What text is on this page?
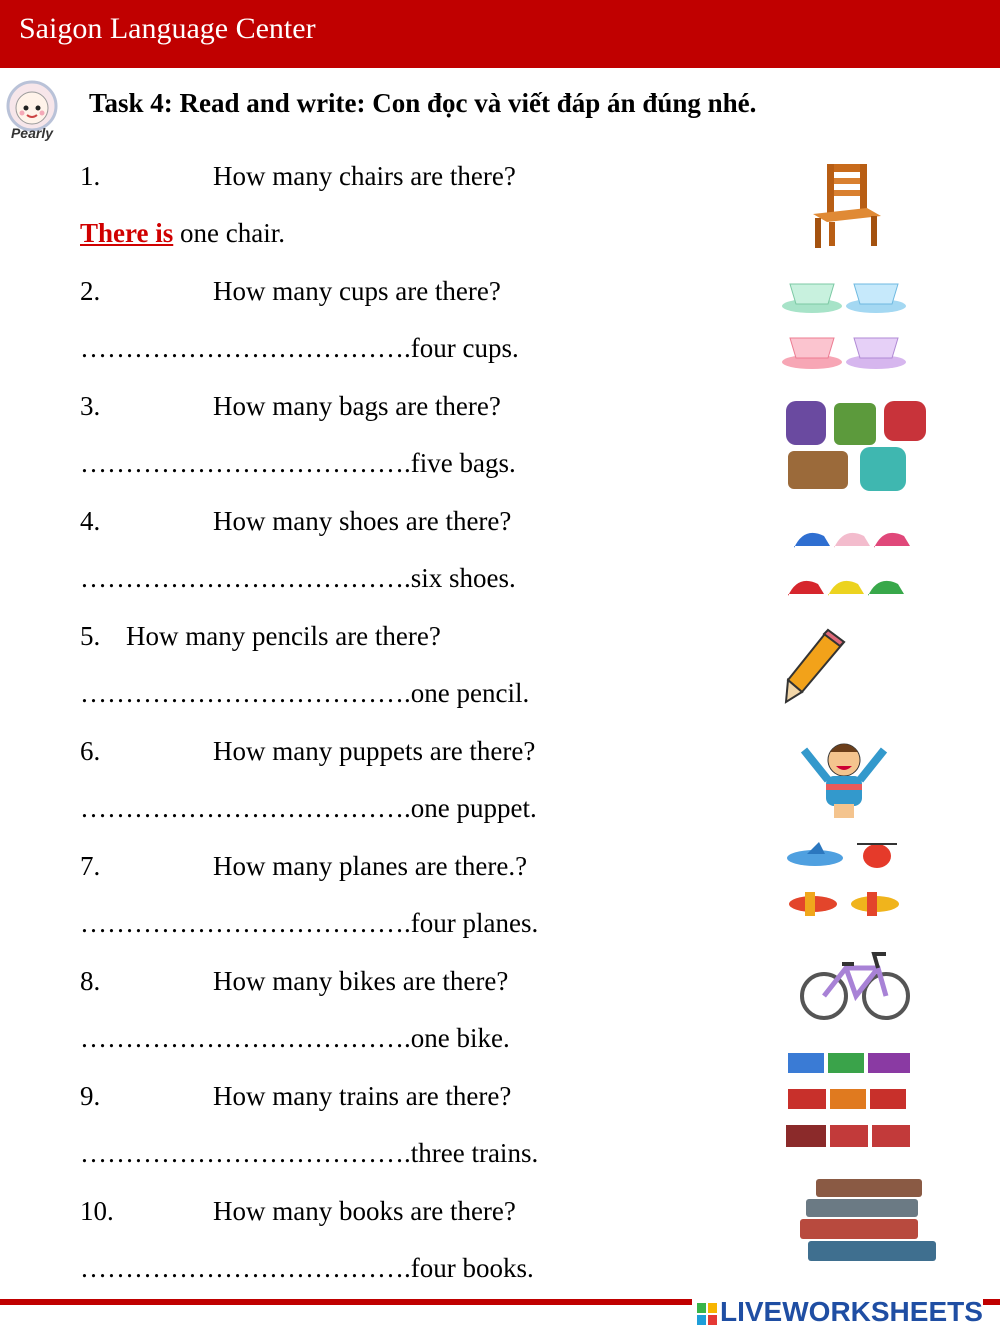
Saigon Language Center
Pearly
Task 4: Read and write: Con đọc và viết đáp án đúng nhé.
1.	How many chairs are there?
There is one chair.
2.	How many cups are there?
……………………………….four cups.
3.	How many bags are there?
……………………………….five bags.
4.	How many shoes are there?
……………………………….six shoes.
5. How many pencils are there?
……………………………….one pencil.
6.	How many puppets are there?
……………………………….one puppet.
7.	How many planes are there.?
……………………………….four planes.
8.	How many bikes are there?
……………………………….one bike.
9.	How many trains are there?
……………………………….three trains.
10.	How many books are there?
……………………………….four books.
LIVEWORKSHEETS
